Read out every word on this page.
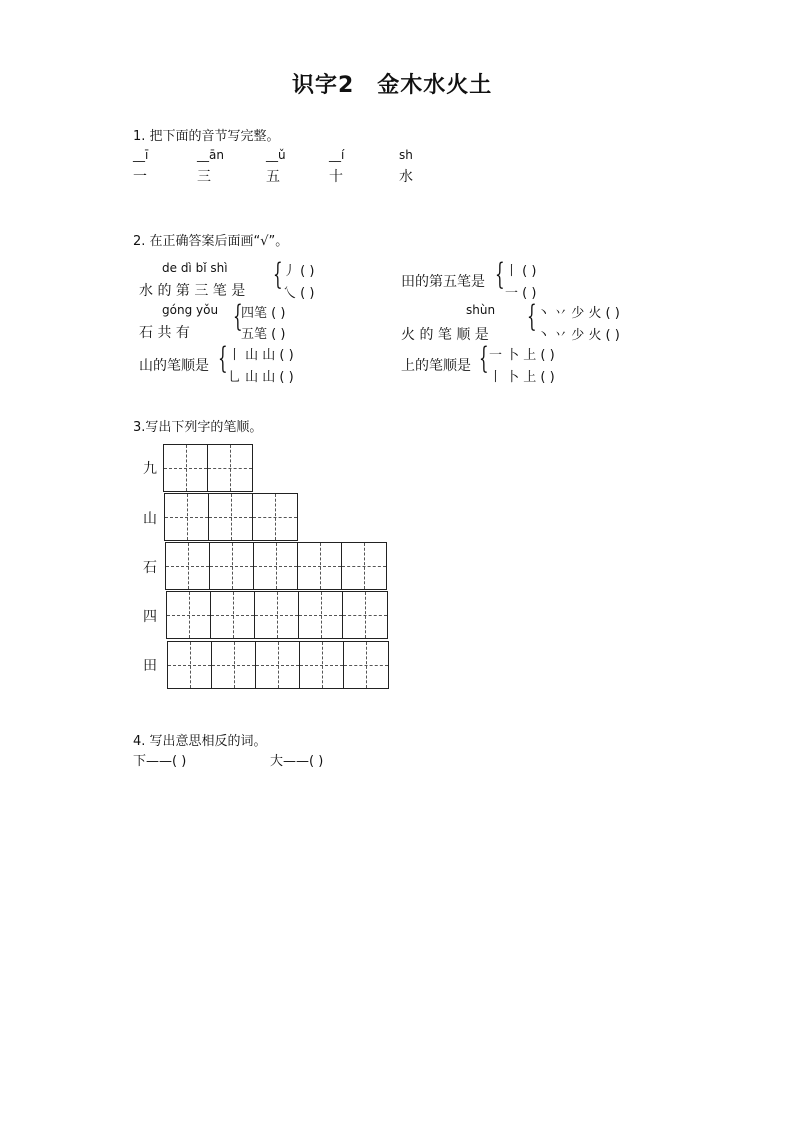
识字2　金木水火土
1. 把下面的音节写完整。
__ī	__ān	__ǔ	__í	sh
一	三	五	十	水
2. 在正确答案后面画“√”。
de dì bǐ shì
水 的 第 三 笔 是 { 丿 ( )
乀 ( )
góng yǒu
石 共 有 {
四笔 ( )
五笔 ( )
山的笔顺是 { 丨 山 山 ( )
乚 山 山 ( )
田的第五笔是 { 丨 ( )
一 ( )
shùn
火 的 笔 顺 是
{ 丶 丷 少 火 ( )
丶 丷 少 火 ( )
上的笔顺是 { 一 卜 上 ( )
丨 卜 上 ( )
3.写出下列字的笔顺。
九
山
石
四
田
4. 写出意思相反的词。
下——( )	大——( )
